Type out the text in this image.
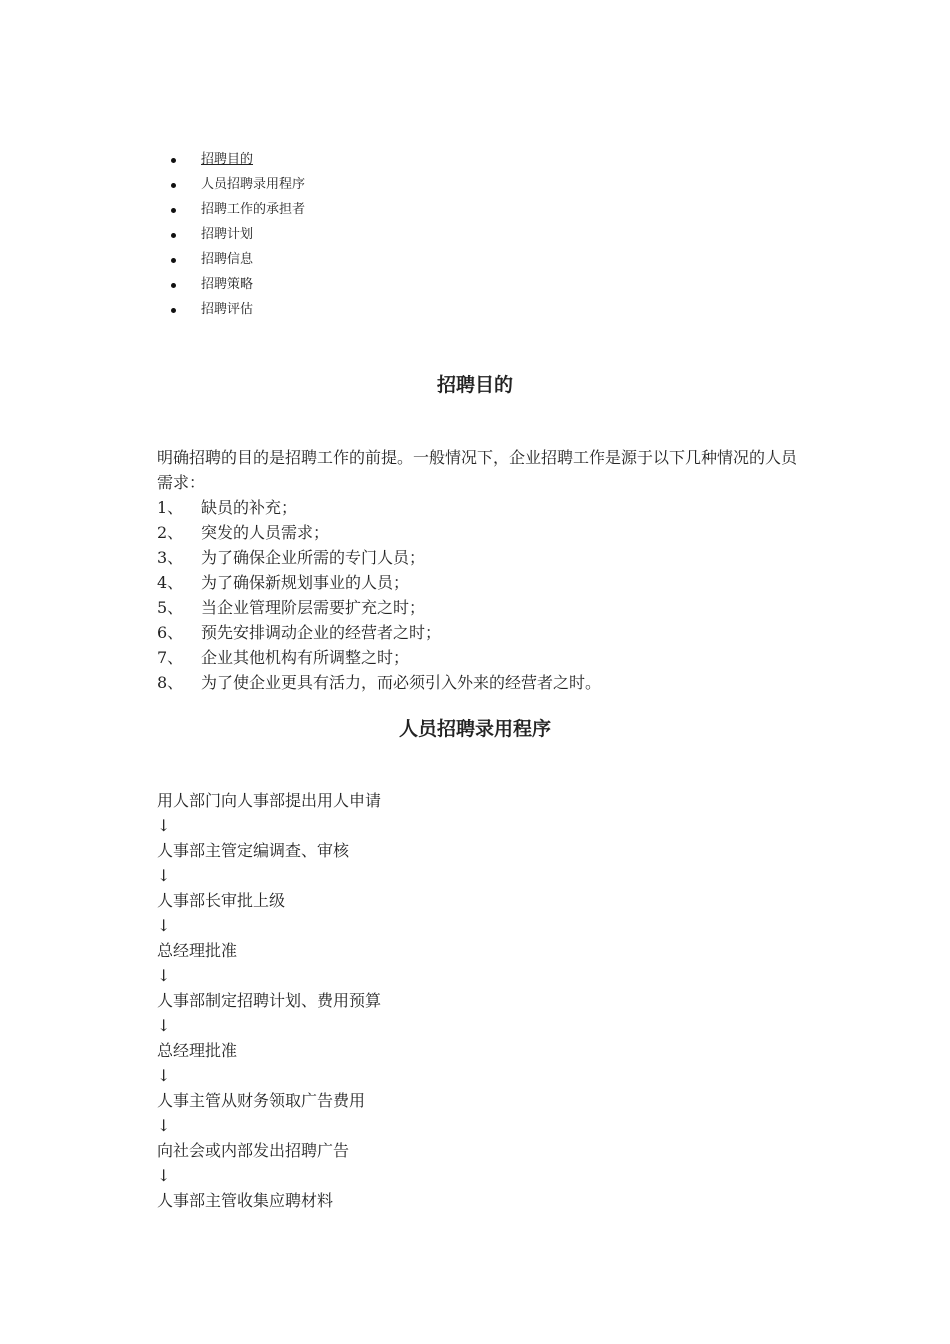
招聘目的
人员招聘录用程序
招聘工作的承担者
招聘计划
招聘信息
招聘策略
招聘评估
招聘目的
明确招聘的目的是招聘工作的前提。一般情况下，企业招聘工作是源于以下几种情况的人员需求：
1、 缺员的补充；
2、 突发的人员需求；
3、 为了确保企业所需的专门人员；
4、 为了确保新规划事业的人员；
5、 当企业管理阶层需要扩充之时；
6、 预先安排调动企业的经营者之时；
7、 企业其他机构有所调整之时；
8、 为了使企业更具有活力，而必须引入外来的经营者之时。
人员招聘录用程序
用人部门向人事部提出用人申请
↓
人事部主管定编调查、审核
↓
人事部长审批上级
↓
总经理批准
↓
人事部制定招聘计划、费用预算
↓
总经理批准
↓
人事主管从财务领取广告费用
↓
向社会或内部发出招聘广告
↓
人事部主管收集应聘材料
